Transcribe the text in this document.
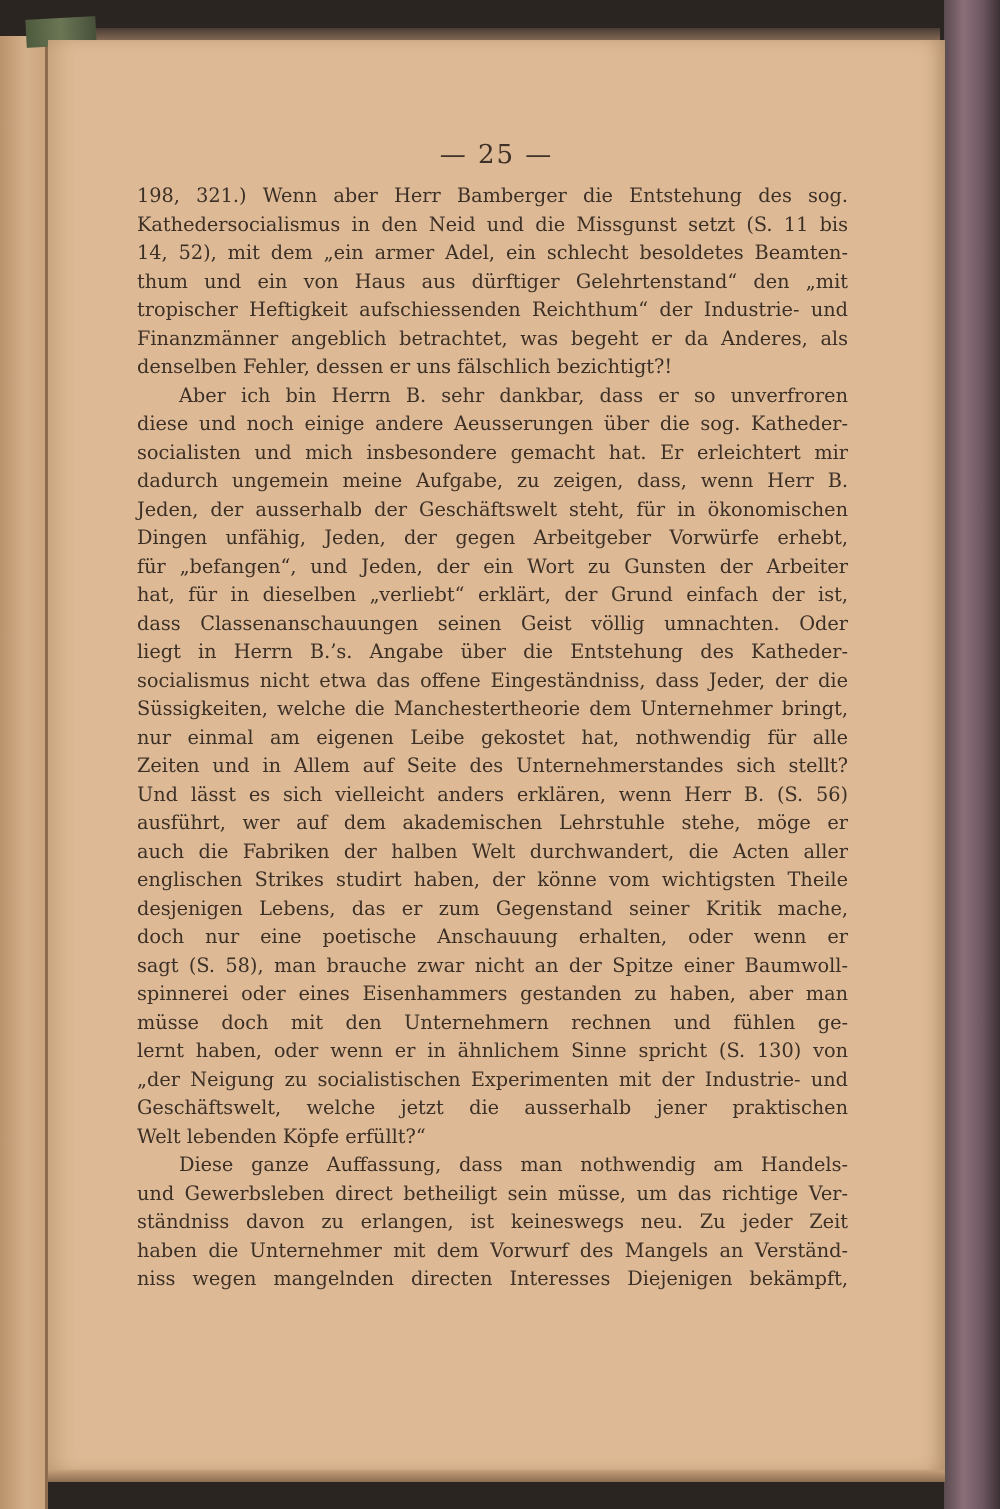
— 25 —
198, 321.) Wenn aber Herr Bamberger die Entstehung des sog.
Kathedersocialismus in den Neid und die Missgunst setzt (S. 11 bis
14, 52), mit dem „ein armer Adel, ein schlecht besoldetes Beamten-
thum und ein von Haus aus dürftiger Gelehrtenstand“ den „mit
tropischer Heftigkeit aufschiessenden Reichthum“ der Industrie- und
Finanzmänner angeblich betrachtet, was begeht er da Anderes, als
denselben Fehler, dessen er uns fälschlich bezichtigt?!
Aber ich bin Herrn B. sehr dankbar, dass er so unverfroren
diese und noch einige andere Aeusserungen über die sog. Katheder-
socialisten und mich insbesondere gemacht hat. Er erleichtert mir
dadurch ungemein meine Aufgabe, zu zeigen, dass, wenn Herr B.
Jeden, der ausserhalb der Geschäftswelt steht, für in ökonomischen
Dingen unfähig, Jeden, der gegen Arbeitgeber Vorwürfe erhebt,
für „befangen“, und Jeden, der ein Wort zu Gunsten der Arbeiter
hat, für in dieselben „verliebt“ erklärt, der Grund einfach der ist,
dass Classenanschauungen seinen Geist völlig umnachten. Oder
liegt in Herrn B.’s. Angabe über die Entstehung des Katheder-
socialismus nicht etwa das offene Eingeständniss, dass Jeder, der die
Süssigkeiten, welche die Manchestertheorie dem Unternehmer bringt,
nur einmal am eigenen Leibe gekostet hat, nothwendig für alle
Zeiten und in Allem auf Seite des Unternehmerstandes sich stellt?
Und lässt es sich vielleicht anders erklären, wenn Herr B. (S. 56)
ausführt, wer auf dem akademischen Lehrstuhle stehe, möge er
auch die Fabriken der halben Welt durchwandert, die Acten aller
englischen Strikes studirt haben, der könne vom wichtigsten Theile
desjenigen Lebens, das er zum Gegenstand seiner Kritik mache,
doch nur eine poetische Anschauung erhalten, oder wenn er
sagt (S. 58), man brauche zwar nicht an der Spitze einer Baumwoll-
spinnerei oder eines Eisenhammers gestanden zu haben, aber man
müsse doch mit den Unternehmern rechnen und fühlen ge-
lernt haben, oder wenn er in ähnlichem Sinne spricht (S. 130) von
„der Neigung zu socialistischen Experimenten mit der Industrie- und
Geschäftswelt, welche jetzt die ausserhalb jener praktischen
Welt lebenden Köpfe erfüllt?“
Diese ganze Auffassung, dass man nothwendig am Handels-
und Gewerbsleben direct betheiligt sein müsse, um das richtige Ver-
ständniss davon zu erlangen, ist keineswegs neu. Zu jeder Zeit
haben die Unternehmer mit dem Vorwurf des Mangels an Verständ-
niss wegen mangelnden directen Interesses Diejenigen bekämpft,
